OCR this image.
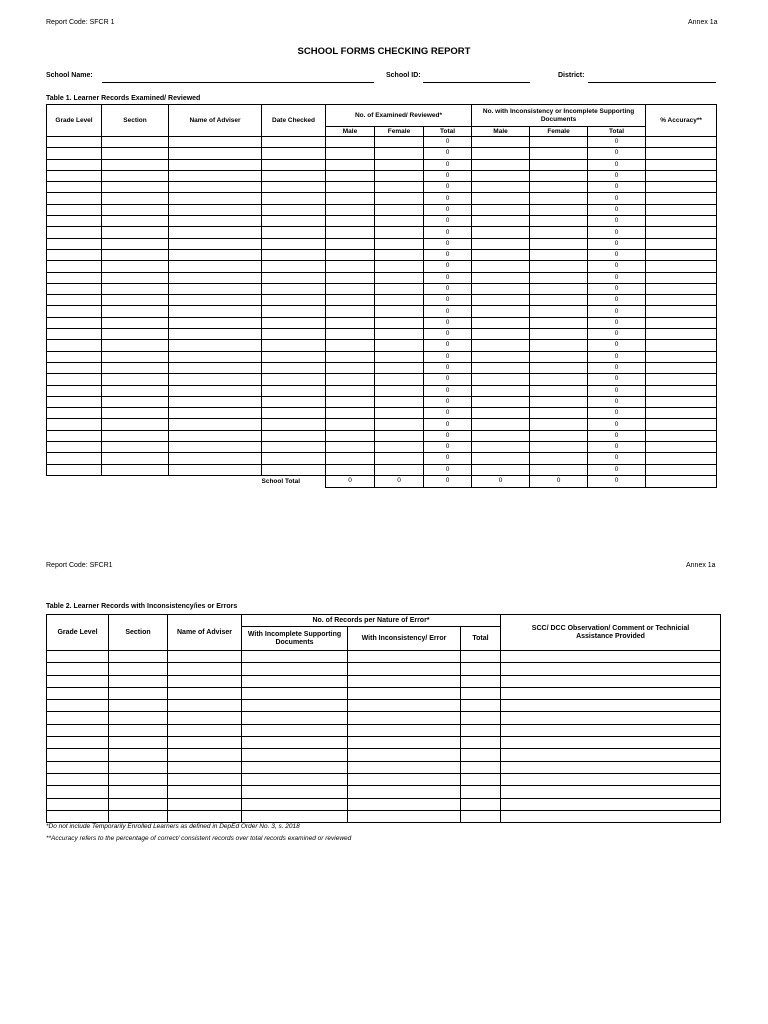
Report Code: SFCR 1	Annex 1a
SCHOOL FORMS CHECKING REPORT
School Name:	School ID:	District:
Table 1. Learner Records Examined/ Reviewed
Grade Level	Section	Name of Adviser	Date Checked	No. of Examined/ Reviewed*			No. with Inconsistency or Incomplete Supporting Documents			% Accuracy**
				Male	Female	Total	Male	Female	Total	
						0			0	
						0			0	
						0			0	
						0			0	
						0			0	
						0			0	
						0			0	
						0			0	
						0			0	
						0			0	
						0			0	
						0			0	
						0			0	
						0			0	
						0			0	
						0			0	
						0			0	
						0			0	
						0			0	
						0			0	
						0			0	
						0			0	
						0			0	
						0			0	
						0			0	
						0			0	
						0			0	
						0			0	
						0			0	
						0			0	
			School Total	0	0	0	0	0	0	
Report Code: SFCR1	Annex 1a
Table 2. Learner Records with Inconsistency/ies or Errors
Grade Level	Section	Name of Adviser	No. of Records per Nature of Error*			SCC/ DCC Observation/ Comment or Technicial Assistance Provided
			With Incomplete Supporting Documents	With Inconsistency/ Error	Total	

*Do not include Temporarily Enrolled Learners as defined in DepEd Order No. 3, s. 2018
**Accuracy refers to the percentage of correct/ consistent records over total records examined or reviewed
